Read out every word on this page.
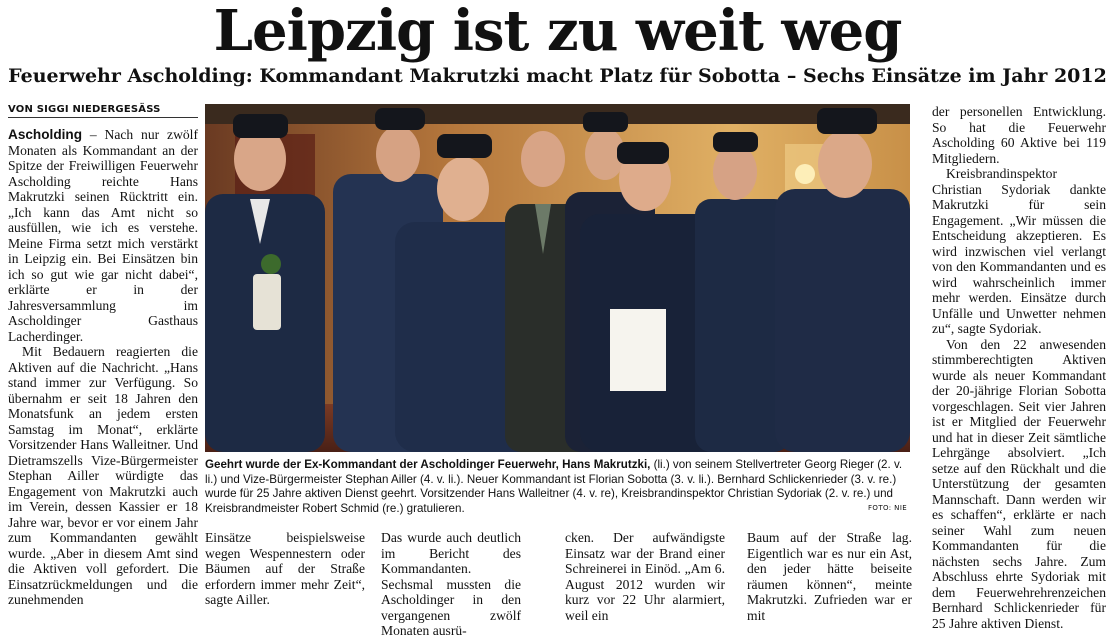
Leipzig ist zu weit weg
Feuerwehr Ascholding: Kommandant Makrutzki macht Platz für Sobotta – Sechs Einsätze im Jahr 2012
VON SIGGI NIEDERGESÄSS

Ascholding – Nach nur zwölf Monaten als Kommandant an der Spitze der Freiwilligen Feuerwehr Ascholding reichte Hans Makrutzki seinen Rücktritt ein. „Ich kann das Amt nicht so ausfüllen, wie ich es verstehe. Meine Firma setzt mich verstärkt in Leipzig ein. Bei Einsätzen bin ich so gut wie gar nicht dabei“, erklärte er in der Jahresversammlung im Ascholdinger Gasthaus Lacherdinger.

Mit Bedauern reagierten die Aktiven auf die Nachricht. „Hans stand immer zur Verfügung. So übernahm er seit 18 Jahren den Monatsfunk an jedem ersten Samstag im Monat“, erklärte Vorsitzender Hans Walleitner. Und Dietramszells Vize-Bürgermeister Stephan Ailler würdigte das Engagement von Makrutzki auch im Verein, dessen Kassier er 18 Jahre war, bevor er vor einem Jahr zum Kommandanten gewählt wurde. „Aber in diesem Amt sind die Aktiven voll gefordert. Die Einsatzrückmeldungen und die zunehmenden

Geehrt wurde der Ex-Kommandant der Ascholdinger Feuerwehr, Hans Makrutzki, (li.) von seinem Stellvertreter Georg Rieger (2. v. li.) und Vize-Bürgermeister Stephan Ailler (4. v. li.). Neuer Kommandant ist Florian Sobotta (3. v. li.). Bernhard Schlickenrieder (3. v. re.) wurde für 25 Jahre aktiven Dienst geehrt. Vorsitzender Hans Walleitner (4. v. re), Kreisbrandinspektor Christian Sydoriak (2. v. re.) und Kreisbrandmeister Robert Schmid (re.) gratulieren.	FOTO: NIE

Einsätze beispielsweise wegen Wespennestern oder Bäumen auf der Straße erfordern immer mehr Zeit“, sagte Ailler.

Das wurde auch deutlich im Bericht des Kommandanten. Sechsmal mussten die Ascholdinger in den vergangenen zwölf Monaten ausrü-

cken. Der aufwändigste Einsatz war der Brand einer Schreinerei in Einöd. „Am 6. August 2012 wurden wir kurz vor 22 Uhr alarmiert, weil ein

Baum auf der Straße lag. Eigentlich war es nur ein Ast, den jeder hätte beiseite räumen können“, meinte Makrutzki. Zufrieden war er mit

der personellen Entwicklung. So hat die Feuerwehr Ascholding 60 Aktive bei 119 Mitgliedern.

Kreisbrandinspektor Christian Sydoriak dankte Makrutzki für sein Engagement. „Wir müssen die Entscheidung akzeptieren. Es wird inzwischen viel verlangt von den Kommandanten und es wird wahrscheinlich immer mehr werden. Einsätze durch Unfälle und Unwetter nehmen zu“, sagte Sydoriak.

Von den 22 anwesenden stimmberechtigten Aktiven wurde als neuer Kommandant der 20-jährige Florian Sobotta vorgeschlagen. Seit vier Jahren ist er Mitglied der Feuerwehr und hat in dieser Zeit sämtliche Lehrgänge absolviert. „Ich setze auf den Rückhalt und die Unterstützung der gesamten Mannschaft. Dann werden wir es schaffen“, erklärte er nach seiner Wahl zum neuen Kommandanten für die nächsten sechs Jahre. Zum Abschluss ehrte Sydoriak mit dem Feuerwehrehrenzeichen Bernhard Schlickenrieder für 25 Jahre aktiven Dienst.
